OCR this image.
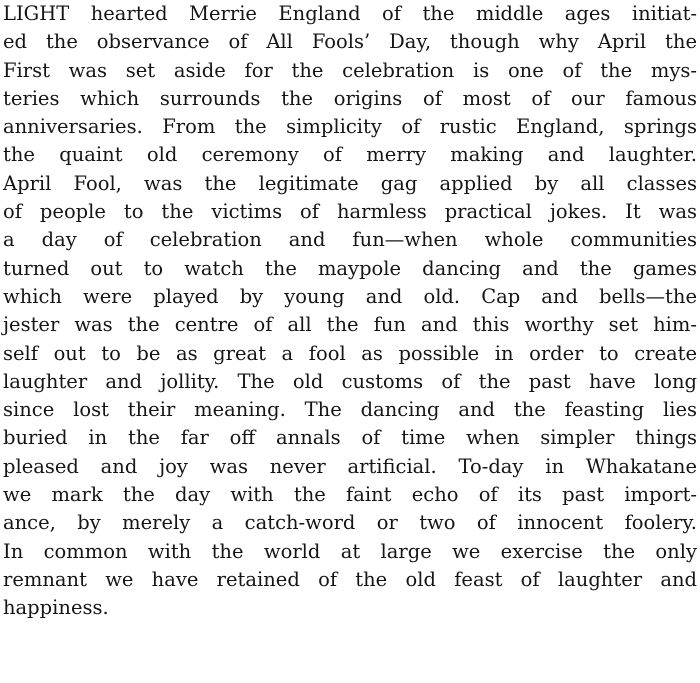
LIGHT hearted Merrie England of the middle ages initiat-
ed the observance of All Fools’ Day, though why April the
First was set aside for the celebration is one of the mys-
teries which surrounds the origins of most of our famous
anniversaries. From the simplicity of rustic England, springs
the quaint old ceremony of merry making and laughter.
April Fool, was the legitimate gag applied by all classes
of people to the victims of harmless practical jokes. It was
a day of celebration and fun—when whole communities
turned out to watch the maypole dancing and the games
which were played by young and old. Cap and bells—the
jester was the centre of all the fun and this worthy set him-
self out to be as great a fool as possible in order to create
laughter and jollity. The old customs of the past have long
since lost their meaning. The dancing and the feasting lies
buried in the far off annals of time when simpler things
pleased and joy was never artificial. To-day in Whakatane
we mark the day with the faint echo of its past import-
ance, by merely a catch-word or two of innocent foolery.
In common with the world at large we exercise the only
remnant we have retained of the old feast of laughter and
happiness.
